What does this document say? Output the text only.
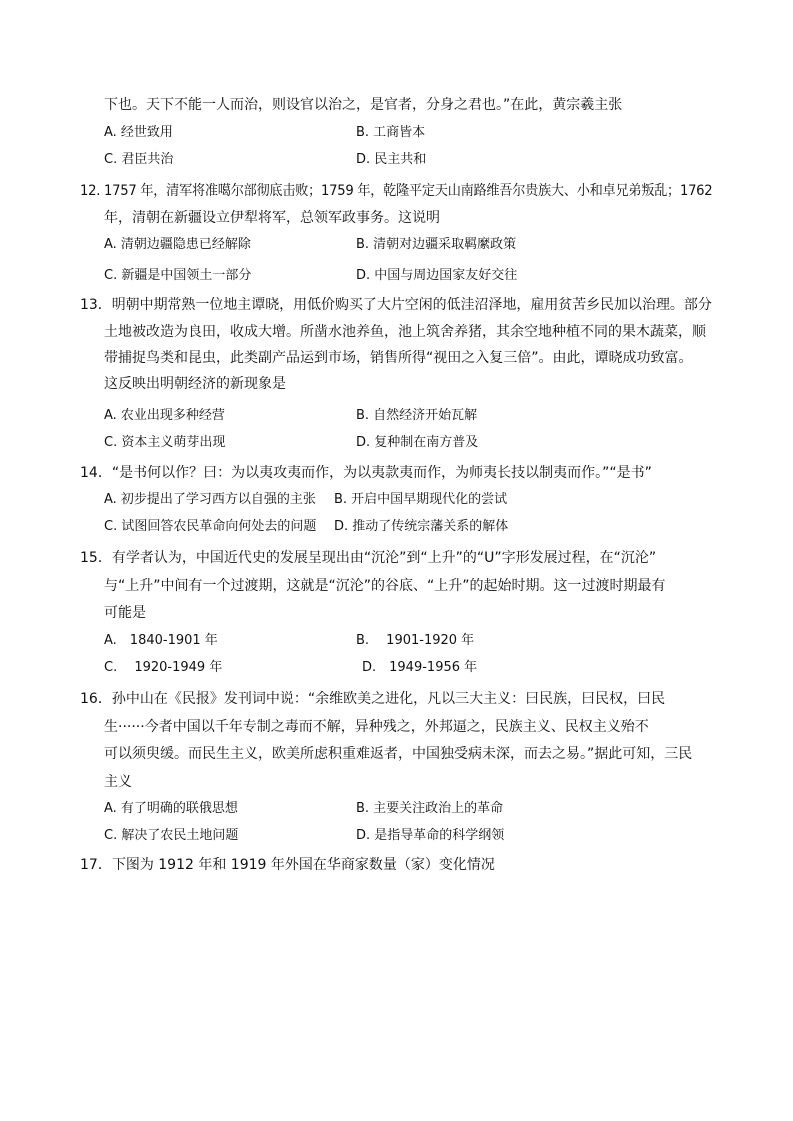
下也。天下不能一人而治，则设官以治之，是官者，分身之君也。”在此，黄宗羲主张
A. 经世致用	B. 工商皆本
C. 君臣共治	D. 民主共和
12. 1757 年，清军将准噶尔部彻底击败；1759 年，乾隆平定天山南路维吾尔贵族大、小和卓兄弟叛乱；1762
年，清朝在新疆设立伊犁将军，总领军政事务。这说明
A. 清朝边疆隐患已经解除	B. 清朝对边疆采取羁縻政策
C. 新疆是中国领土一部分	D. 中国与周边国家友好交往
13．明朝中期常熟一位地主谭晓，用低价购买了大片空闲的低洼沼泽地，雇用贫苦乡民加以治理。部分
土地被改造为良田，收成大增。所凿水池养鱼，池上筑舍养猪，其余空地种植不同的果木蔬菜，顺
带捕捉鸟类和昆虫，此类副产品运到市场，销售所得“视田之入复三倍”。由此，谭晓成功致富。
这反映出明朝经济的新现象是
A. 农业出现多种经营	B. 自然经济开始瓦解
C. 资本主义萌芽出现	D. 复种制在南方普及
14．“是书何以作？曰：为以夷攻夷而作，为以夷款夷而作，为师夷长技以制夷而作。”“是书”
A. 初步提出了学习西方以自强的主张 B. 开启中国早期现代化的尝试
C. 试图回答农民革命向何处去的问题 D. 推动了传统宗藩关系的解体
15．有学者认为，中国近代史的发展呈现出由“沉沦”到“上升”的“U”字形发展过程，在“沉沦”
与“上升”中间有一个过渡期，这就是“沉沦”的谷底、“上升”的起始时期。这一过渡时期最有
可能是
A.　1840-1901 年	B.　 1901-1920 年
C.　 1920-1949 年	D.　1949-1956 年
16．孙中山在《民报》发刊词中说：“余维欧美之进化，凡以三大主义：曰民族，曰民权，曰民
生······今者中国以千年专制之毒而不解，异种残之，外邦逼之，民族主义、民权主义殆不
可以须臾缓。而民生主义，欧美所虑积重难返者，中国独受病未深，而去之易。”据此可知，三民
主义
A. 有了明确的联俄思想	B. 主要关注政治上的革命
C. 解决了农民土地问题	D. 是指导革命的科学纲领
17．下图为 1912 年和 1919 年外国在华商家数量（家）变化情况
